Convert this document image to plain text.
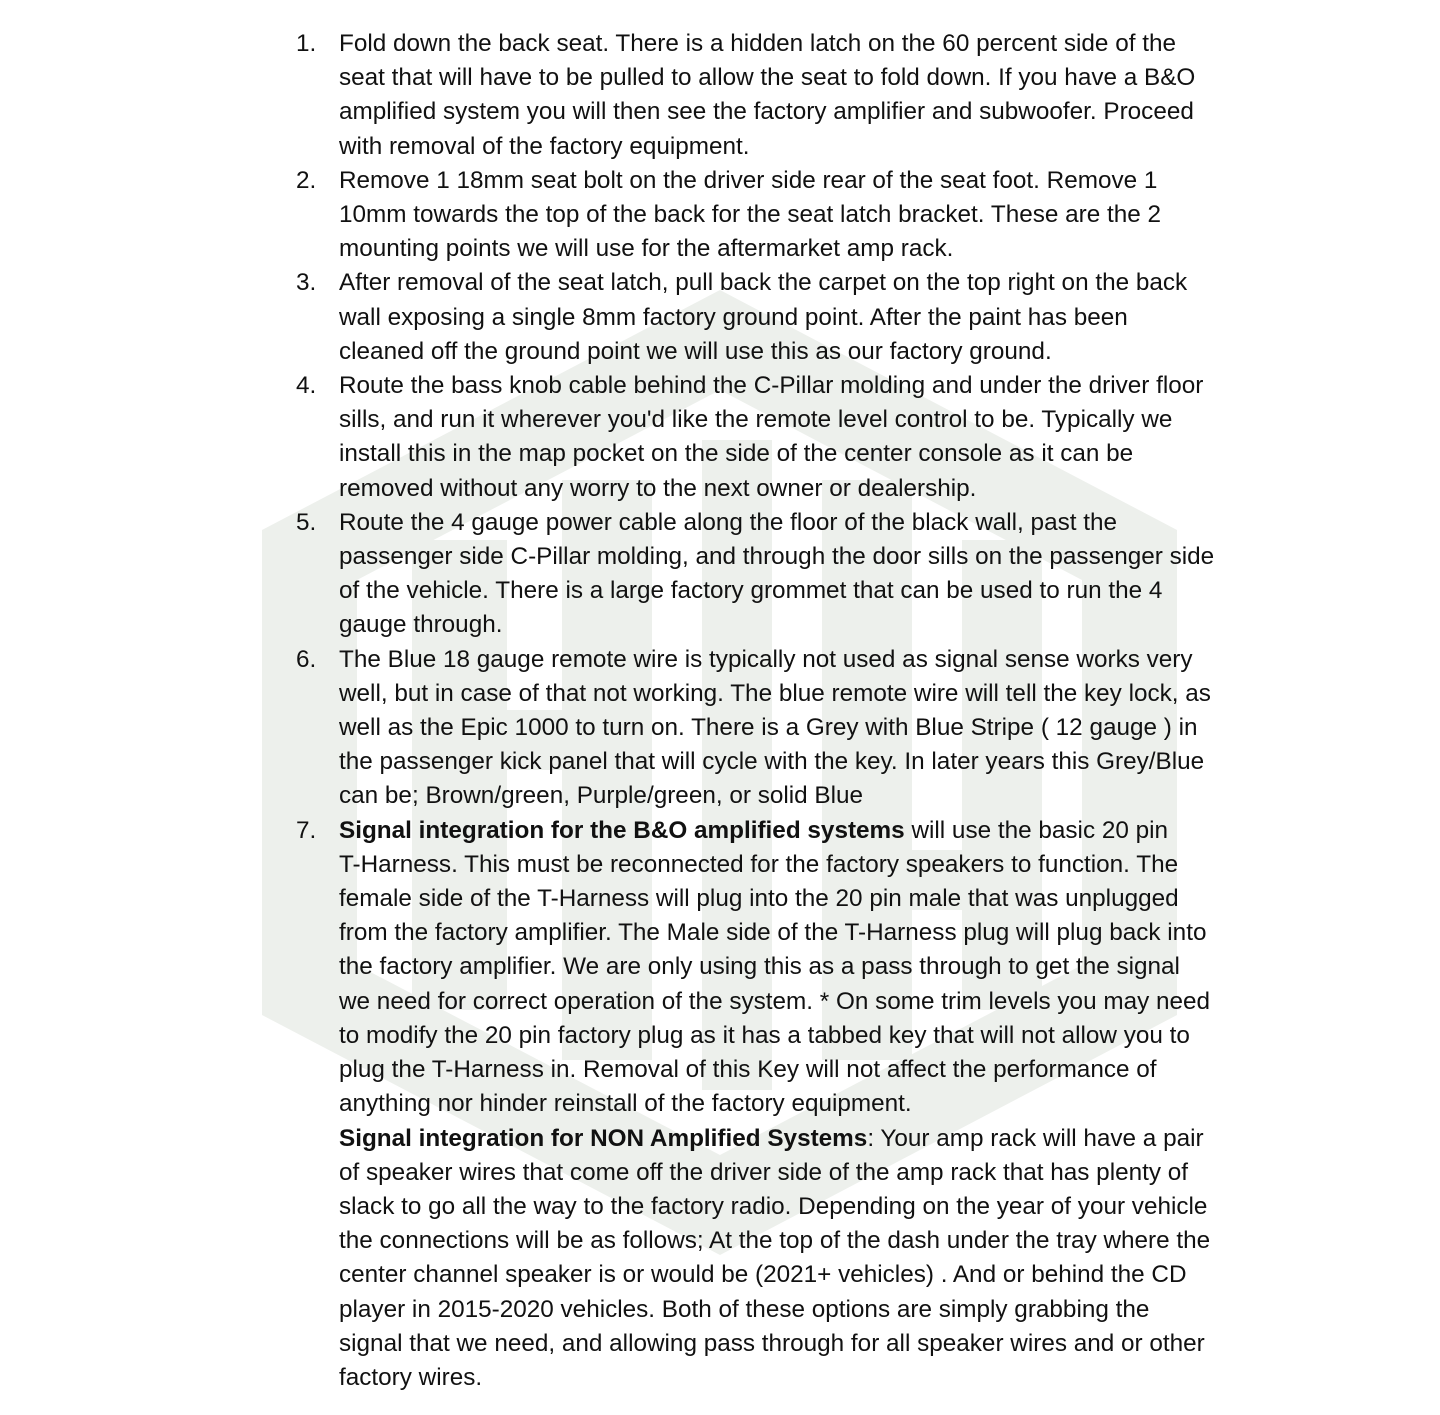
1. Fold down the back seat. There is a hidden latch on the 60 percent side of the
seat that will have to be pulled to allow the seat to fold down. If you have a B&O
amplified system you will then see the factory amplifier and subwoofer. Proceed
with removal of the factory equipment.
2. Remove 1 18mm seat bolt on the driver side rear of the seat foot. Remove 1
10mm towards the top of the back for the seat latch bracket. These are the 2
mounting points we will use for the aftermarket amp rack.
3. After removal of the seat latch, pull back the carpet on the top right on the back
wall exposing a single 8mm factory ground point. After the paint has been
cleaned off the ground point we will use this as our factory ground.
4. Route the bass knob cable behind the C-Pillar molding and under the driver floor
sills, and run it wherever you'd like the remote level control to be. Typically we
install this in the map pocket on the side of the center console as it can be
removed without any worry to the next owner or dealership.
5. Route the 4 gauge power cable along the floor of the black wall, past the
passenger side C-Pillar molding, and through the door sills on the passenger side
of the vehicle. There is a large factory grommet that can be used to run the 4
gauge through.
6. The Blue 18 gauge remote wire is typically not used as signal sense works very
well, but in case of that not working. The blue remote wire will tell the key lock, as
well as the Epic 1000 to turn on. There is a Grey with Blue Stripe ( 12 gauge ) in
the passenger kick panel that will cycle with the key. In later years this Grey/Blue
can be; Brown/green, Purple/green, or solid Blue
7. Signal integration for the B&O amplified systems will use the basic 20 pin
T-Harness. This must be reconnected for the factory speakers to function. The
female side of the T-Harness will plug into the 20 pin male that was unplugged
from the factory amplifier. The Male side of the T-Harness plug will plug back into
the factory amplifier. We are only using this as a pass through to get the signal
we need for correct operation of the system. * On some trim levels you may need
to modify the 20 pin factory plug as it has a tabbed key that will not allow you to
plug the T-Harness in. Removal of this Key will not affect the performance of
anything nor hinder reinstall of the factory equipment.
Signal integration for NON Amplified Systems: Your amp rack will have a pair
of speaker wires that come off the driver side of the amp rack that has plenty of
slack to go all the way to the factory radio. Depending on the year of your vehicle
the connections will be as follows; At the top of the dash under the tray where the
center channel speaker is or would be (2021+ vehicles) . And or behind the CD
player in 2015-2020 vehicles. Both of these options are simply grabbing the
signal that we need, and allowing pass through for all speaker wires and or other
factory wires.
